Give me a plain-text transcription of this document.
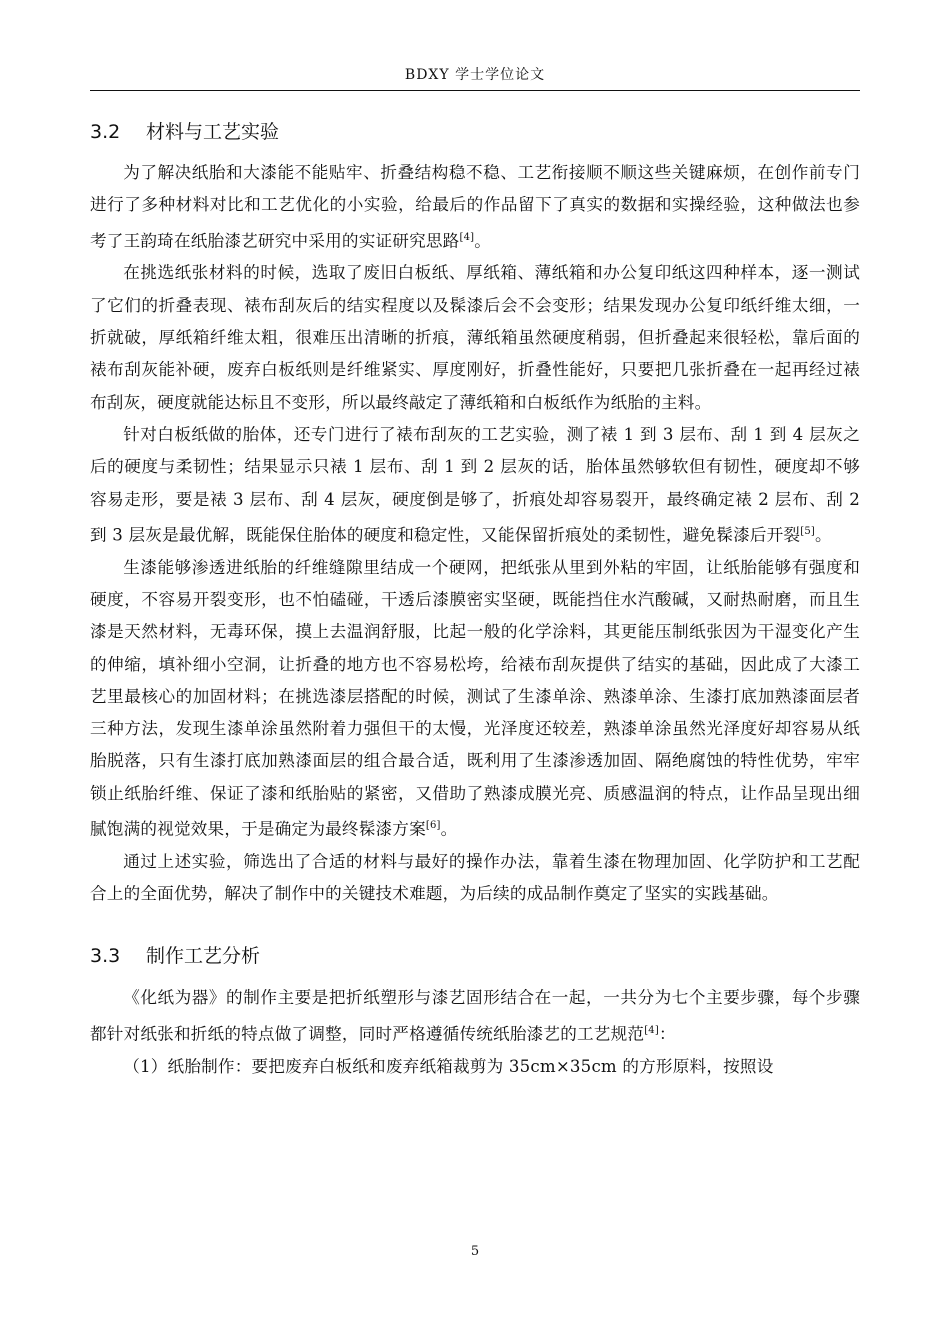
BDXY 学士学位论文
3.2 材料与工艺实验

为了解决纸胎和大漆能不能贴牢、折叠结构稳不稳、工艺衔接顺不顺这些关键麻烦，在创作前专门进行了多种材料对比和工艺优化的小实验，给最后的作品留下了真实的数据和实操经验，这种做法也参考了王韵琦在纸胎漆艺研究中采用的实证研究思路[4]。

在挑选纸张材料的时候，选取了废旧白板纸、厚纸箱、薄纸箱和办公复印纸这四种样本，逐一测试了它们的折叠表现、裱布刮灰后的结实程度以及髹漆后会不会变形；结果发现办公复印纸纤维太细，一折就破，厚纸箱纤维太粗，很难压出清晰的折痕，薄纸箱虽然硬度稍弱，但折叠起来很轻松，靠后面的裱布刮灰能补硬，废弃白板纸则是纤维紧实、厚度刚好，折叠性能好，只要把几张折叠在一起再经过裱布刮灰，硬度就能达标且不变形，所以最终敲定了薄纸箱和白板纸作为纸胎的主料。

针对白板纸做的胎体，还专门进行了裱布刮灰的工艺实验，测了裱 1 到 3 层布、刮 1 到 4 层灰之后的硬度与柔韧性；结果显示只裱 1 层布、刮 1 到 2 层灰的话，胎体虽然够软但有韧性，硬度却不够容易走形，要是裱 3 层布、刮 4 层灰，硬度倒是够了，折痕处却容易裂开，最终确定裱 2 层布、刮 2 到 3 层灰是最优解，既能保住胎体的硬度和稳定性，又能保留折痕处的柔韧性，避免髹漆后开裂[5]。

生漆能够渗透进纸胎的纤维缝隙里结成一个硬网，把纸张从里到外粘的牢固，让纸胎能够有强度和硬度，不容易开裂变形，也不怕磕碰，干透后漆膜密实坚硬，既能挡住水汽酸碱，又耐热耐磨，而且生漆是天然材料，无毒环保，摸上去温润舒服，比起一般的化学涂料，其更能压制纸张因为干湿变化产生的伸缩，填补细小空洞，让折叠的地方也不容易松垮，给裱布刮灰提供了结实的基础，因此成了大漆工艺里最核心的加固材料；在挑选漆层搭配的时候，测试了生漆单涂、熟漆单涂、生漆打底加熟漆面层者三种方法，发现生漆单涂虽然附着力强但干的太慢，光泽度还较差，熟漆单涂虽然光泽度好却容易从纸胎脱落，只有生漆打底加熟漆面层的组合最合适，既利用了生漆渗透加固、隔绝腐蚀的特性优势，牢牢锁止纸胎纤维、保证了漆和纸胎贴的紧密，又借助了熟漆成膜光亮、质感温润的特点，让作品呈现出细腻饱满的视觉效果，于是确定为最终髹漆方案[6]。

通过上述实验，筛选出了合适的材料与最好的操作办法，靠着生漆在物理加固、化学防护和工艺配合上的全面优势，解决了制作中的关键技术难题，为后续的成品制作奠定了坚实的实践基础。

3.3 制作工艺分析

《化纸为器》的制作主要是把折纸塑形与漆艺固形结合在一起，一共分为七个主要步骤，每个步骤都针对纸张和折纸的特点做了调整，同时严格遵循传统纸胎漆艺的工艺规范[4]：

（1）纸胎制作：要把废弃白板纸和废弃纸箱裁剪为 35cm×35cm 的方形原料，按照设

5
